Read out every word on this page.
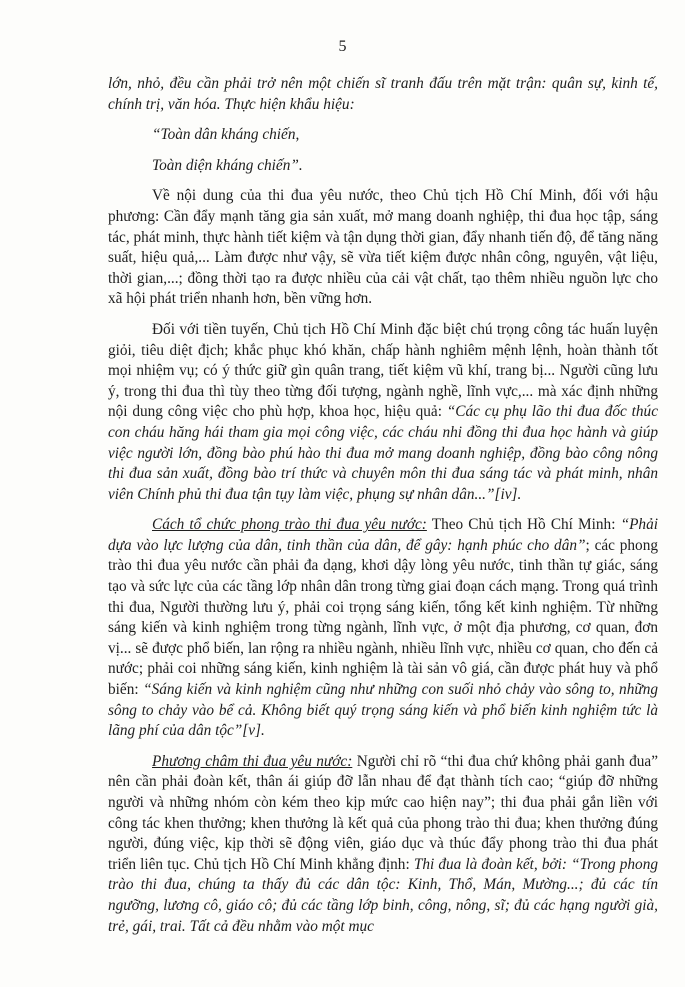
5

lớn, nhỏ, đều cần phải trở nên một chiến sĩ tranh đấu trên mặt trận: quân sự, kinh tế, chính trị, văn hóa. Thực hiện khẩu hiệu:

“Toàn dân kháng chiến,

Toàn diện kháng chiến”.

Về nội dung của thi đua yêu nước, theo Chủ tịch Hồ Chí Minh, đối với hậu phương: Cần đẩy mạnh tăng gia sản xuất, mở mang doanh nghiệp, thi đua học tập, sáng tác, phát minh, thực hành tiết kiệm và tận dụng thời gian, đẩy nhanh tiến độ, để tăng năng suất, hiệu quả,... Làm được như vậy, sẽ vừa tiết kiệm được nhân công, nguyên, vật liệu, thời gian,...; đồng thời tạo ra được nhiều của cải vật chất, tạo thêm nhiều nguồn lực cho xã hội phát triển nhanh hơn, bền vững hơn.

Đối với tiền tuyến, Chủ tịch Hồ Chí Minh đặc biệt chú trọng công tác huấn luyện giỏi, tiêu diệt địch; khắc phục khó khăn, chấp hành nghiêm mệnh lệnh, hoàn thành tốt mọi nhiệm vụ; có ý thức giữ gìn quân trang, tiết kiệm vũ khí, trang bị... Người cũng lưu ý, trong thi đua thì tùy theo từng đối tượng, ngành nghề, lĩnh vực,... mà xác định những nội dung công việc cho phù hợp, khoa học, hiệu quả: “Các cụ phụ lão thi đua đốc thúc con cháu hăng hái tham gia mọi công việc, các cháu nhi đồng thi đua học hành và giúp việc người lớn, đồng bào phú hào thi đua mở mang doanh nghiệp, đồng bào công nông thi đua sản xuất, đồng bào trí thức và chuyên môn thi đua sáng tác và phát minh, nhân viên Chính phủ thi đua tận tụy làm việc, phụng sự nhân dân...”[iv].

Cách tổ chức phong trào thi đua yêu nước: Theo Chủ tịch Hồ Chí Minh: “Phải dựa vào lực lượng của dân, tinh thần của dân, để gây: hạnh phúc cho dân”; các phong trào thi đua yêu nước cần phải đa dạng, khơi dậy lòng yêu nước, tinh thần tự giác, sáng tạo và sức lực của các tầng lớp nhân dân trong từng giai đoạn cách mạng. Trong quá trình thi đua, Người thường lưu ý, phải coi trọng sáng kiến, tổng kết kinh nghiệm. Từ những sáng kiến và kinh nghiệm trong từng ngành, lĩnh vực, ở một địa phương, cơ quan, đơn vị... sẽ được phổ biến, lan rộng ra nhiều ngành, nhiều lĩnh vực, nhiều cơ quan, cho đến cả nước; phải coi những sáng kiến, kinh nghiệm là tài sản vô giá, cần được phát huy và phổ biến: “Sáng kiến và kinh nghiệm cũng như những con suối nhỏ chảy vào sông to, những sông to chảy vào bể cả. Không biết quý trọng sáng kiến và phổ biến kinh nghiệm tức là lãng phí của dân tộc”[v].

Phương châm thi đua yêu nước: Người chỉ rõ “thi đua chứ không phải ganh đua” nên cần phải đoàn kết, thân ái giúp đỡ lẫn nhau để đạt thành tích cao; “giúp đỡ những người và những nhóm còn kém theo kịp mức cao hiện nay”; thi đua phải gắn liền với công tác khen thưởng; khen thưởng là kết quả của phong trào thi đua; khen thưởng đúng người, đúng việc, kịp thời sẽ động viên, giáo dục và thúc đẩy phong trào thi đua phát triển liên tục. Chủ tịch Hồ Chí Minh khẳng định: Thi đua là đoàn kết, bởi: “Trong phong trào thi đua, chúng ta thấy đủ các dân tộc: Kinh, Thổ, Mán, Mường...; đủ các tín ngưỡng, lương cô, giáo cô; đủ các tầng lớp binh, công, nông, sĩ; đủ các hạng người già, trẻ, gái, trai. Tất cả đều nhằm vào một mục
